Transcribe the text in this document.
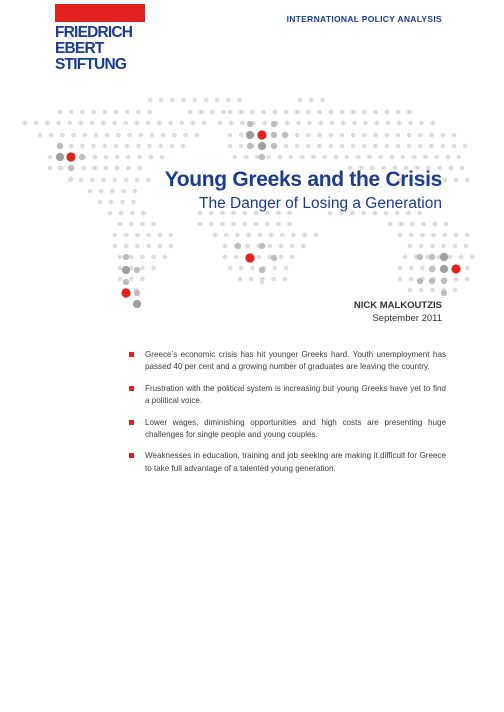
FRIEDRICH
EBERT
STIFTUNG
INTERNATIONAL POLICY ANALYSIS
Young Greeks and the Crisis
The Danger of Losing a Generation
NICK MALKOUTZIS
September 2011
Greece’s economic crisis has hit younger Greeks hard. Youth unemployment has passed 40 per cent and a growing number of graduates are leaving the country.
Frustration with the political system is increasing but young Greeks have yet to find a political voice.
Lower wages, diminishing opportunities and high costs are presenting huge challenges for single people and young couples.
Weaknesses in education, training and job seeking are making it difficult for Greece to take full advantage of a talented young generation.
